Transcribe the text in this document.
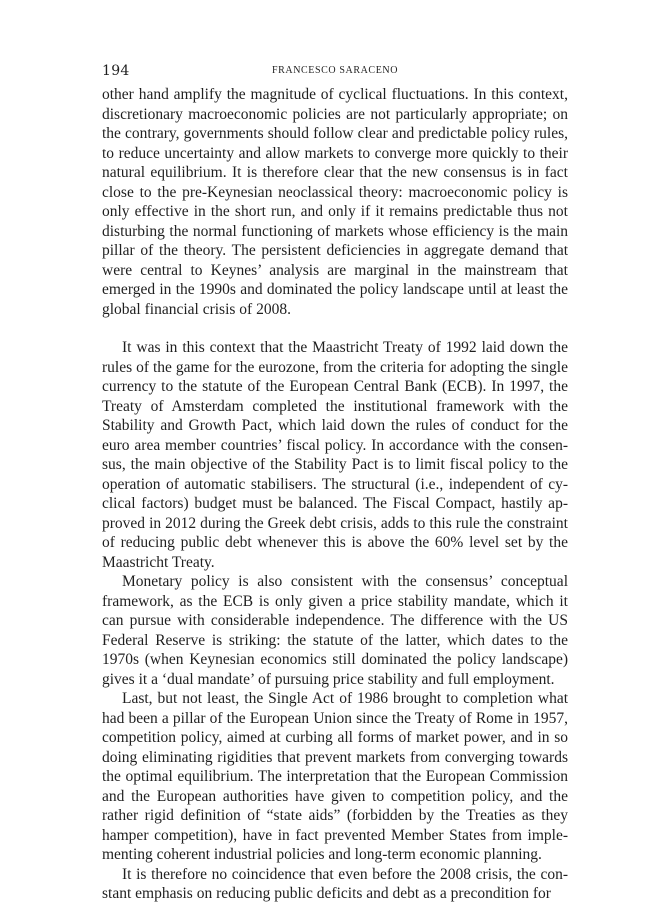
194	FRANCESCO SARACENO

other hand amplify the magnitude of cyclical fluctuations. In this context, discretionary macroeconomic policies are not particularly appropriate; on the contrary, governments should follow clear and predictable policy rules, to reduce uncertainty and allow markets to converge more quickly to their natural equilibrium. It is therefore clear that the new consensus is in fact close to the pre-Keynesian neoclassical theory: macroeconomic policy is only effective in the short run, and only if it remains predictable thus not disturbing the normal functioning of markets whose efficiency is the main pillar of the theory. The persistent deficiencies in aggregate demand that were central to Keynes’ analysis are marginal in the mainstream that emerged in the 1990s and dominated the policy landscape until at least the global financial crisis of 2008.

It was in this context that the Maastricht Treaty of 1992 laid down the rules of the game for the eurozone, from the criteria for adopting the single currency to the statute of the European Central Bank (ECB). In 1997, the Treaty of Amsterdam completed the institutional framework with the Stability and Growth Pact, which laid down the rules of conduct for the euro area member countries’ fiscal policy. In accordance with the consensus, the main objective of the Stability Pact is to limit fiscal policy to the operation of automatic stabilisers. The structural (i.e., independent of cyclical factors) budget must be balanced. The Fiscal Compact, hastily approved in 2012 during the Greek debt crisis, adds to this rule the constraint of reducing public debt whenever this is above the 60% level set by the Maastricht Treaty.

Monetary policy is also consistent with the consensus’ conceptual framework, as the ECB is only given a price stability mandate, which it can pursue with considerable independence. The difference with the US Federal Reserve is striking: the statute of the latter, which dates to the 1970s (when Keynesian economics still dominated the policy landscape) gives it a ‘dual mandate’ of pursuing price stability and full employment.

Last, but not least, the Single Act of 1986 brought to completion what had been a pillar of the European Union since the Treaty of Rome in 1957, competition policy, aimed at curbing all forms of market power, and in so doing eliminating rigidities that prevent markets from converging towards the optimal equilibrium. The interpretation that the European Commission and the European authorities have given to competition policy, and the rather rigid definition of “state aids” (forbidden by the Treaties as they hamper competition), have in fact prevented Member States from implementing coherent industrial policies and long-term economic planning.

It is therefore no coincidence that even before the 2008 crisis, the constant emphasis on reducing public deficits and debt as a precondition for
